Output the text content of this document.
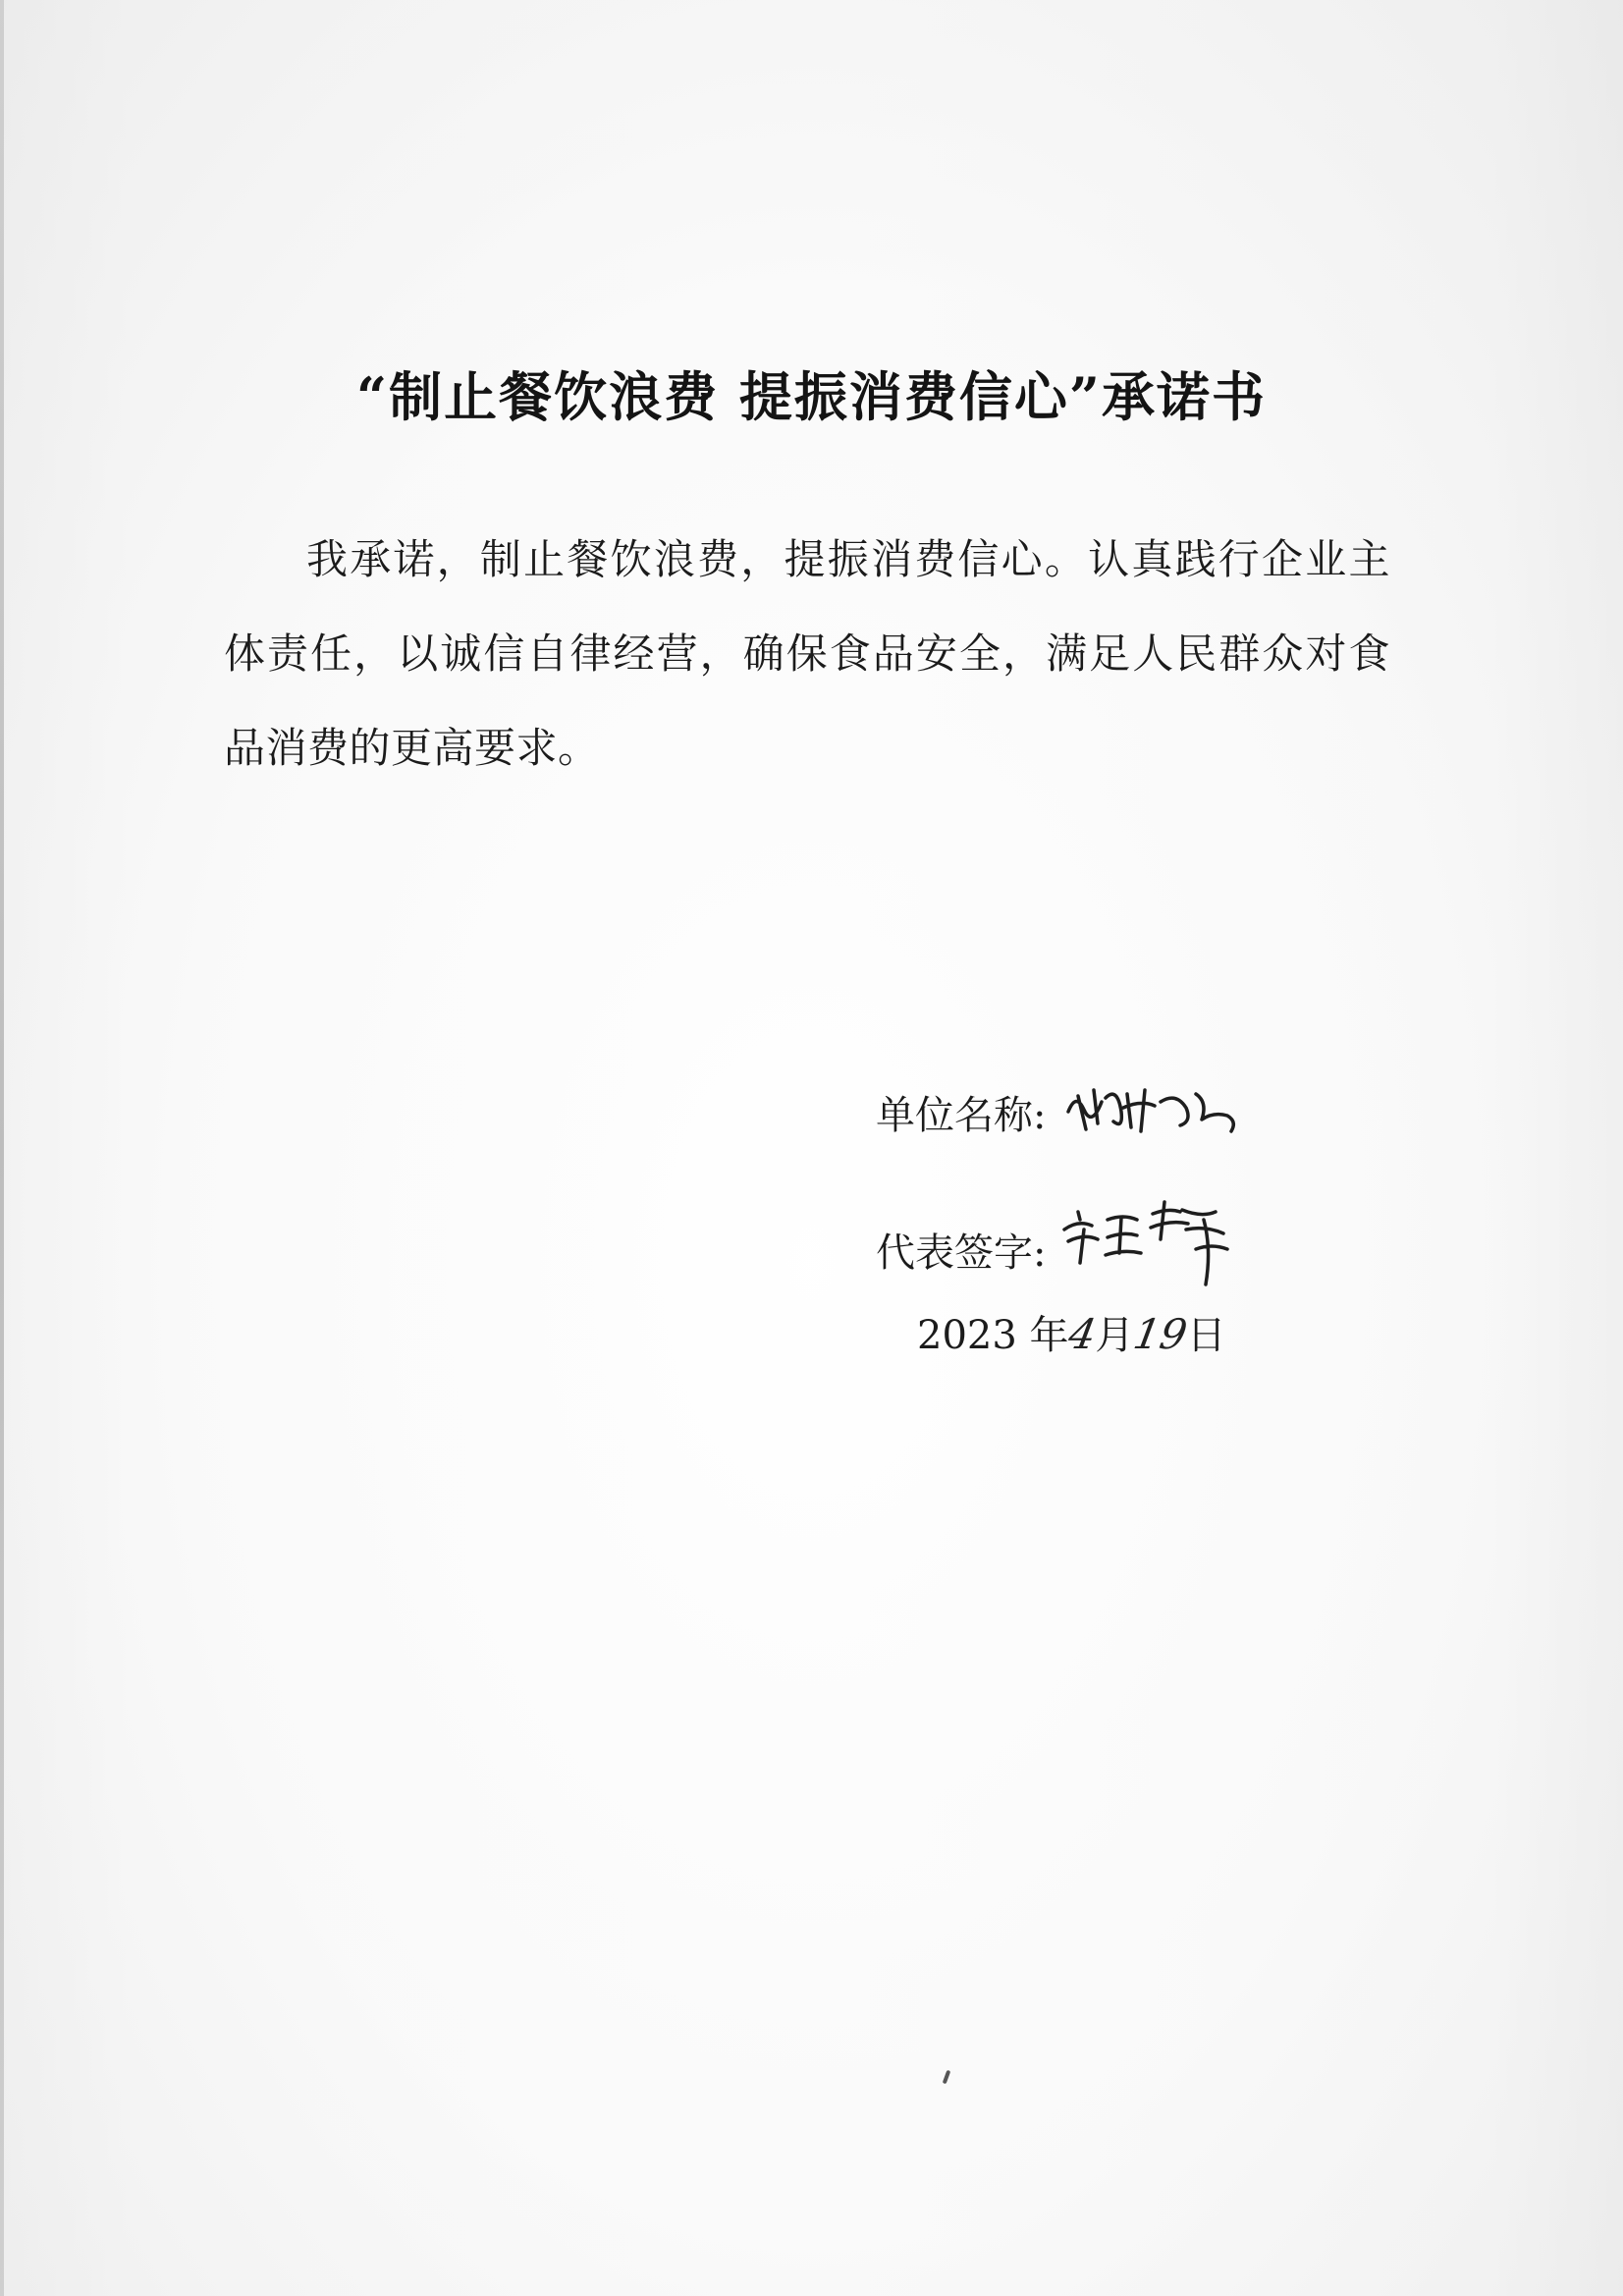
“制止餐饮浪费 提振消费信心”承诺书
我承诺，制止餐饮浪费，提振消费信心。认真践行企业主体责任，以诚信自律经营，确保食品安全，满足人民群众对食品消费的更高要求。
单位名称:
代表签字:
2023 年4月19日
